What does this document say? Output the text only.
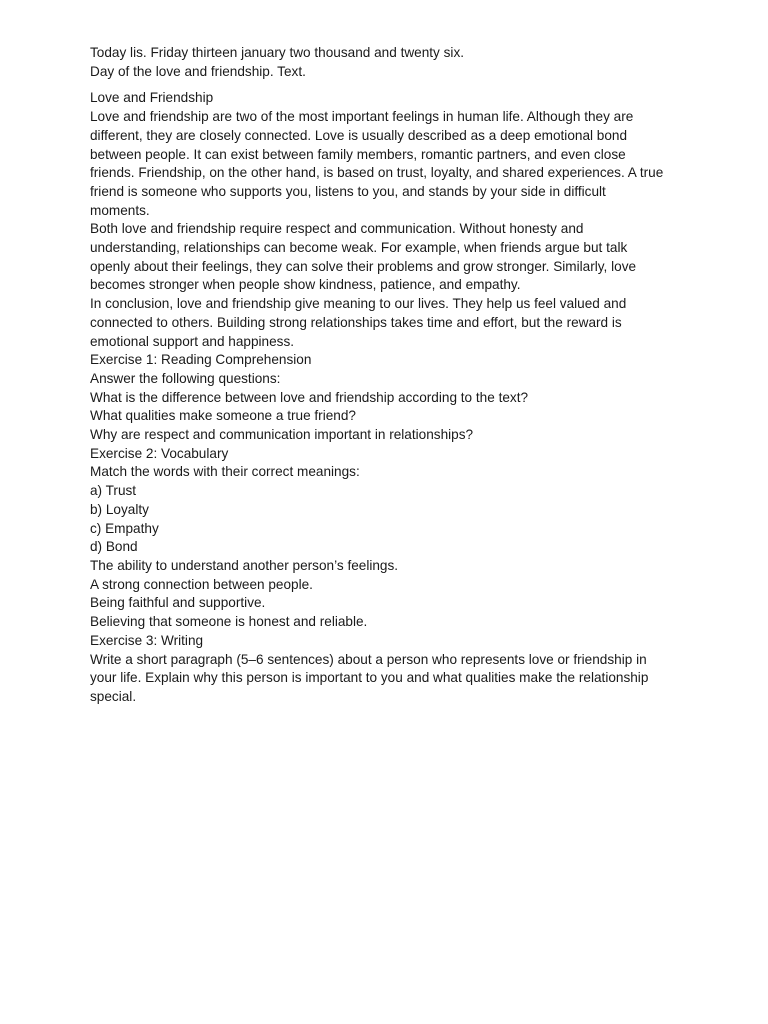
Today lis. Friday thirteen january two thousand and twenty six.
Day of the love and friendship. Text.
Love and Friendship
Love and friendship are two of the most important feelings in human life. Although they are
different, they are closely connected. Love is usually described as a deep emotional bond
between people. It can exist between family members, romantic partners, and even close
friends. Friendship, on the other hand, is based on trust, loyalty, and shared experiences. A true
friend is someone who supports you, listens to you, and stands by your side in difficult
moments.
Both love and friendship require respect and communication. Without honesty and
understanding, relationships can become weak. For example, when friends argue but talk
openly about their feelings, they can solve their problems and grow stronger. Similarly, love
becomes stronger when people show kindness, patience, and empathy.
In conclusion, love and friendship give meaning to our lives. They help us feel valued and
connected to others. Building strong relationships takes time and effort, but the reward is
emotional support and happiness.
Exercise 1: Reading Comprehension
Answer the following questions:
What is the difference between love and friendship according to the text?
What qualities make someone a true friend?
Why are respect and communication important in relationships?
Exercise 2: Vocabulary
Match the words with their correct meanings:
a) Trust
b) Loyalty
c) Empathy
d) Bond
The ability to understand another person’s feelings.
A strong connection between people.
Being faithful and supportive.
Believing that someone is honest and reliable.
Exercise 3: Writing
Write a short paragraph (5–6 sentences) about a person who represents love or friendship in
your life. Explain why this person is important to you and what qualities make the relationship
special.
